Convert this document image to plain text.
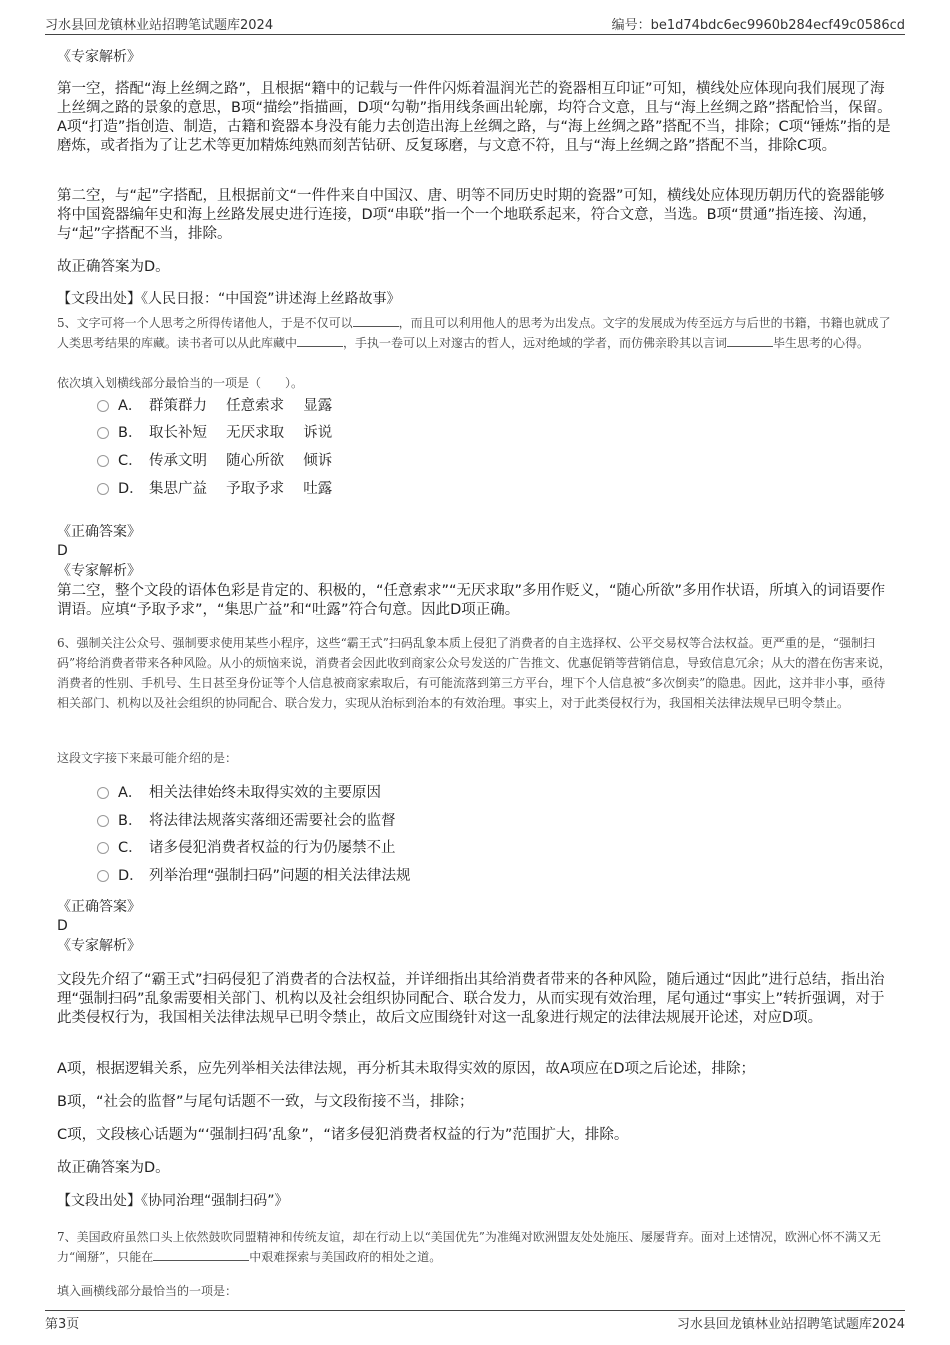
习水县回龙镇林业站招聘笔试题库2024	编号：be1d74bdc6ec9960b284ecf49c0586cd
《专家解析》
第一空，搭配“海上丝绸之路”，且根据“籍中的记载与一件件闪烁着温润光芒的瓷器相互印证”可知，横线处应体现向我们展现了海上丝绸之路的景象的意思，B项“描绘”指描画，D项“勾勒”指用线条画出轮廓，均符合文意，且与“海上丝绸之路”搭配恰当，保留。A项“打造”指创造、制造，古籍和瓷器本身没有能力去创造出海上丝绸之路，与“海上丝绸之路”搭配不当，排除；C项“锤炼”指的是磨炼，或者指为了让艺术等更加精炼纯熟而刻苦钻研、反复琢磨，与文意不符，且与“海上丝绸之路”搭配不当，排除C项。
第二空，与“起”字搭配，且根据前文“一件件来自中国汉、唐、明等不同历史时期的瓷器”可知，横线处应体现历朝历代的瓷器能够将中国瓷器编年史和海上丝路发展史进行连接，D项“串联”指一个一个地联系起来，符合文意，当选。B项“贯通”指连接、沟通，与“起”字搭配不当，排除。
故正确答案为D。
【文段出处】《人民日报：“中国瓷”讲述海上丝路故事》
5、文字可将一个人思考之所得传诸他人，于是不仅可以	，而且可以利用他人的思考为出发点。文字的发展成为传至远方与后世的书籍，书籍也就成了人类思考结果的库藏。读书者可以从此库藏中	，手执一卷可以上对邃古的哲人，远对绝域的学者，而仿佛亲聆其以言词	毕生思考的心得。
依次填入划横线部分最恰当的一项是（　　）。
A． 群策群力　 任意索求　 显露
B． 取长补短　 无厌求取　 诉说
C． 传承文明　 随心所欲　 倾诉
D． 集思广益　 予取予求　 吐露
《正确答案》
D
《专家解析》
第二空，整个文段的语体色彩是肯定的、积极的，“任意索求”“无厌求取”多用作贬义，“随心所欲”多用作状语，所填入的词语要作谓语。应填“予取予求”，“集思广益”和“吐露”符合句意。因此D项正确。
6、强制关注公众号、强制要求使用某些小程序，这些“霸王式”扫码乱象本质上侵犯了消费者的自主选择权、公平交易权等合法权益。更严重的是，“强制扫码”将给消费者带来各种风险。从小的烦恼来说，消费者会因此收到商家公众号发送的广告推文、优惠促销等营销信息，导致信息冗余；从大的潜在伤害来说，消费者的性别、手机号、生日甚至身份证等个人信息被商家索取后，有可能流落到第三方平台，埋下个人信息被“多次倒卖”的隐患。因此，这并非小事，亟待相关部门、机构以及社会组织的协同配合、联合发力，实现从治标到治本的有效治理。事实上，对于此类侵权行为，我国相关法律法规早已明令禁止。
这段文字接下来最可能介绍的是：
A． 相关法律始终未取得实效的主要原因
B． 将法律法规落实落细还需要社会的监督
C． 诸多侵犯消费者权益的行为仍屡禁不止
D． 列举治理“强制扫码”问题的相关法律法规
《正确答案》
D
《专家解析》
文段先介绍了“霸王式”扫码侵犯了消费者的合法权益，并详细指出其给消费者带来的各种风险，随后通过“因此”进行总结，指出治理“强制扫码”乱象需要相关部门、机构以及社会组织协同配合、联合发力，从而实现有效治理，尾句通过“事实上”转折强调，对于此类侵权行为，我国相关法律法规早已明令禁止，故后文应围绕针对这一乱象进行规定的法律法规展开论述，对应D项。
A项，根据逻辑关系，应先列举相关法律法规，再分析其未取得实效的原因，故A项应在D项之后论述，排除；
B项，“社会的监督”与尾句话题不一致，与文段衔接不当，排除；
C项，文段核心话题为“‘强制扫码’乱象”，“诸多侵犯消费者权益的行为”范围扩大，排除。
故正确答案为D。
【文段出处】《协同治理“强制扫码”》
7、美国政府虽然口头上依然鼓吹同盟精神和传统友谊，却在行动上以“美国优先”为准绳对欧洲盟友处处施压、屡屡背弃。面对上述情况，欧洲心怀不满又无力“阐掰”，只能在	中艰难探索与美国政府的相处之道。
填入画横线部分最恰当的一项是：
第3页	习水县回龙镇林业站招聘笔试题库2024
